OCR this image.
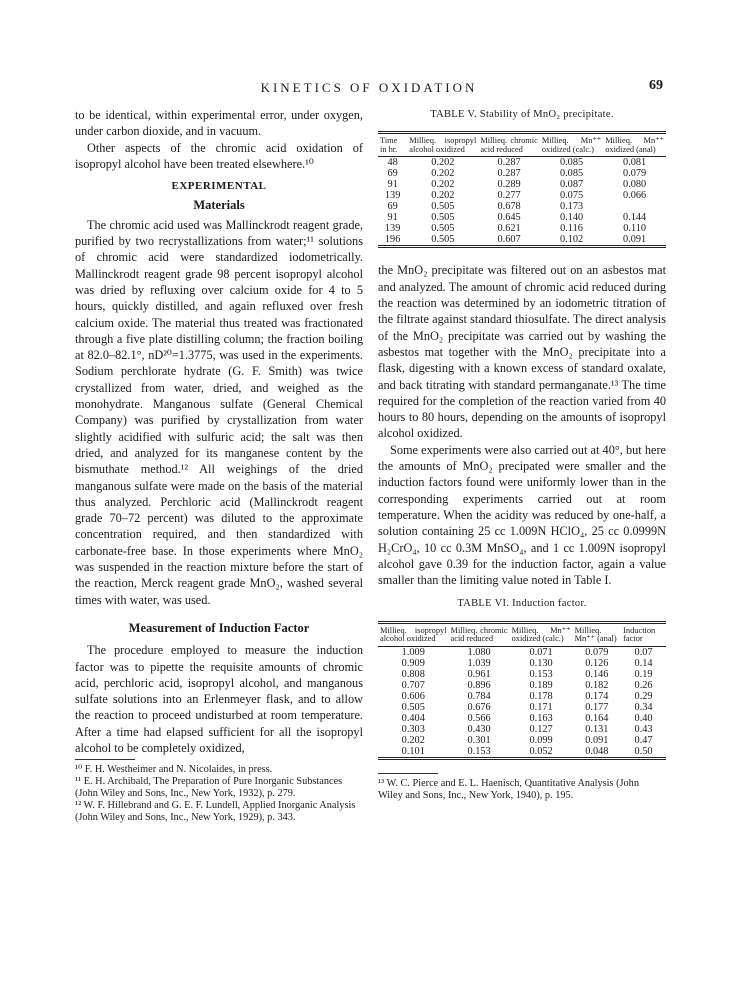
KINETICS OF OXIDATION	69

to be identical, within experimental error, under oxygen, under carbon dioxide, and in vacuum.

Other aspects of the chromic acid oxidation of isopropyl alcohol have been treated elsewhere.¹⁰

EXPERIMENTAL
Materials

The chromic acid used was Mallinckrodt reagent grade, purified by two recrystallizations from water;¹¹ solutions of chromic acid were standardized iodometrically. Mallinckrodt reagent grade 98 percent isopropyl alcohol was dried by refluxing over calcium oxide for 4 to 5 hours, quickly distilled, and again refluxed over fresh calcium oxide. The material thus treated was fractionated through a five plate distilling column; the fraction boiling at 82.0–82.1°, nD²⁰=1.3775, was used in the experiments. Sodium perchlorate hydrate (G. F. Smith) was twice crystallized from water, dried, and weighed as the monohydrate. Manganous sulfate (General Chemical Company) was purified by crystallization from water slightly acidified with sulfuric acid; the salt was then dried, and analyzed for its manganese content by the bismuthate method.¹² All weighings of the dried manganous sulfate were made on the basis of the material thus analyzed. Perchloric acid (Mallinckrodt reagent grade 70–72 percent) was diluted to the approximate concentration required, and then standardized with carbonate-free base. In those experiments where MnO₂ was suspended in the reaction mixture before the start of the reaction, Merck reagent grade MnO₂, washed several times with water, was used.

Measurement of Induction Factor

The procedure employed to measure the induction factor was to pipette the requisite amounts of chromic acid, perchloric acid, isopropyl alcohol, and manganous sulfate solutions into an Erlenmeyer flask, and to allow the reaction to proceed undisturbed at room temperature. After a time had elapsed sufficient for all the isopropyl alcohol to be completely oxidized,

¹⁰ F. H. Westheimer and N. Nicolaides, in press.

¹¹ E. H. Archibald, The Preparation of Pure Inorganic Substances (John Wiley and Sons, Inc., New York, 1932), p. 279.

¹² W. F. Hillebrand and G. E. F. Lundell, Applied Inorganic Analysis (John Wiley and Sons, Inc., New York, 1929), p. 343.

TABLE V. Stability of MnO₂ precipitate.
Time in hr.	Millieq. isopropyl alcohol oxidized	Millieq. chromic acid reduced	Millieq. Mn⁺⁺ oxidized (calc.)	Millieq. Mn⁺⁺ oxidized (anal)
48	0.202	0.287	0.085	0.081
69	0.202	0.287	0.085	0.079
91	0.202	0.289	0.087	0.080
139	0.202	0.277	0.075	0.066
69	0.505	0.678	0.173	
91	0.505	0.645	0.140	0.144
139	0.505	0.621	0.116	0.110
196	0.505	0.607	0.102	0.091

the MnO₂ precipitate was filtered out on an asbestos mat and analyzed. The amount of chromic acid reduced during the reaction was determined by an iodometric titration of the filtrate against standard thiosulfate. The direct analysis of the MnO₂ precipitate was carried out by washing the asbestos mat together with the MnO₂ precipitate into a flask, digesting with a known excess of standard oxalate, and back titrating with standard permanganate.¹³ The time required for the completion of the reaction varied from 40 hours to 80 hours, depending on the amounts of isopropyl alcohol oxidized.

Some experiments were also carried out at 40°, but here the amounts of MnO₂ precipated were smaller and the induction factors found were uniformly lower than in the corresponding experiments carried out at room temperature. When the acidity was reduced by one-half, a solution containing 25 cc 1.009N HClO₄, 25 cc 0.0999N H₂CrO₄, 10 cc 0.3M MnSO₄, and 1 cc 1.009N isopropyl alcohol gave 0.39 for the induction factor, again a value smaller than the limiting value noted in Table I.

TABLE VI. Induction factor.
Millieq. isopropyl alcohol oxidized	Millieq. chromic acid reduced	Millieq. Mn⁺⁺ oxidized (calc.)	Millieq. Mn⁺⁺ (anal)	Induction factor
1.009	1.080	0.071	0.079	0.07
0.909	1.039	0.130	0.126	0.14
0.808	0.961	0.153	0.146	0.19
0.707	0.896	0.189	0.182	0.26
0.606	0.784	0.178	0.174	0.29
0.505	0.676	0.171	0.177	0.34
0.404	0.566	0.163	0.164	0.40
0.303	0.430	0.127	0.131	0.43
0.202	0.301	0.099	0.091	0.47
0.101	0.153	0.052	0.048	0.50

¹³ W. C. Pierce and E. L. Haenisch, Quantitative Analysis (John Wiley and Sons, Inc., New York, 1940), p. 195.
